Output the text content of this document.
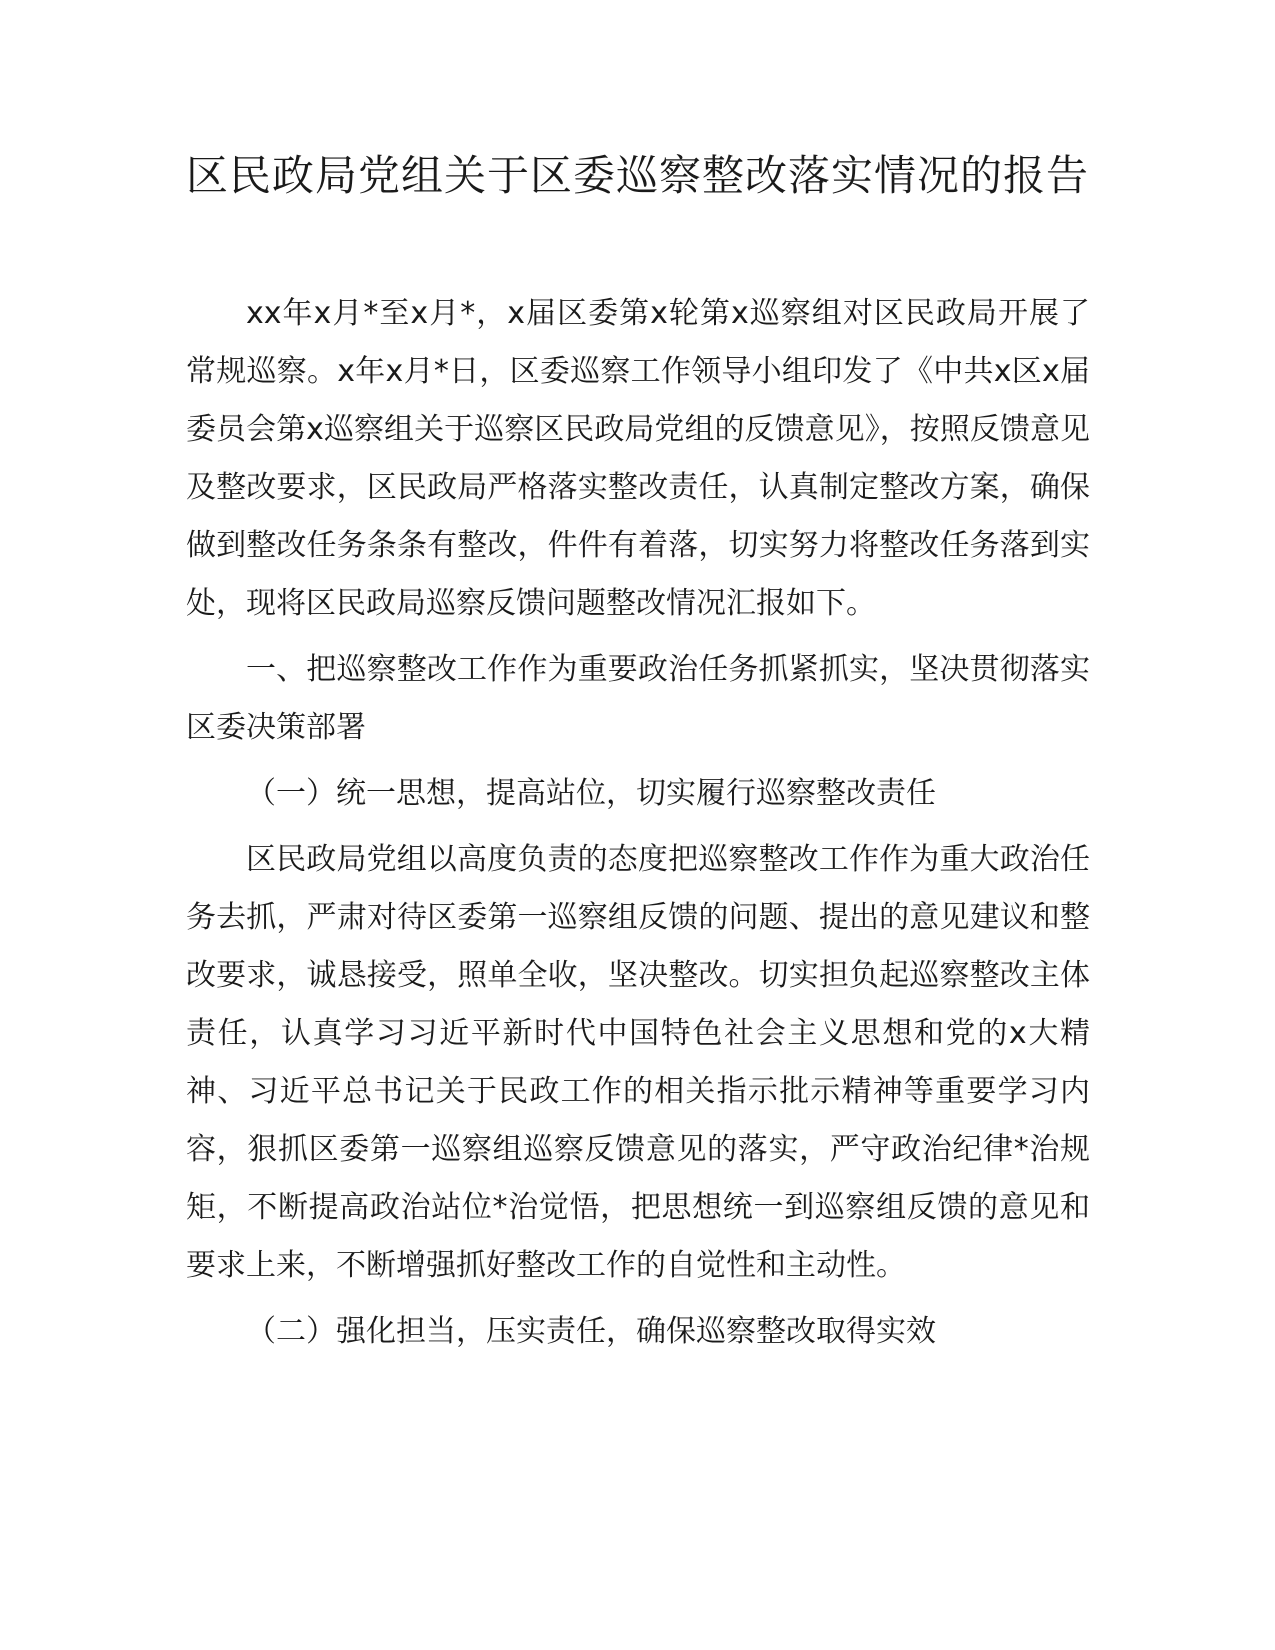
区民政局党组关于区委巡察整改落实情况的报告

xx年x月*至x月*，x届区委第x轮第x巡察组对区民政局开展了常规巡察。x年x月*日，区委巡察工作领导小组印发了《中共x区x届委员会第x巡察组关于巡察区民政局党组的反馈意见》，按照反馈意见及整改要求，区民政局严格落实整改责任，认真制定整改方案，确保做到整改任务条条有整改，件件有着落，切实努力将整改任务落到实处，现将区民政局巡察反馈问题整改情况汇报如下。

一、把巡察整改工作作为重要政治任务抓紧抓实，坚决贯彻落实区委决策部署

（一）统一思想，提高站位，切实履行巡察整改责任

区民政局党组以高度负责的态度把巡察整改工作作为重大政治任务去抓，严肃对待区委第一巡察组反馈的问题、提出的意见建议和整改要求，诚恳接受，照单全收，坚决整改。切实担负起巡察整改主体责任，认真学习习近平新时代中国特色社会主义思想和党的x大精神、习近平总书记关于民政工作的相关指示批示精神等重要学习内容，狠抓区委第一巡察组巡察反馈意见的落实，严守政治纪律*治规矩，不断提高政治站位*治觉悟，把思想统一到巡察组反馈的意见和要求上来，不断增强抓好整改工作的自觉性和主动性。

（二）强化担当，压实责任，确保巡察整改取得实效
